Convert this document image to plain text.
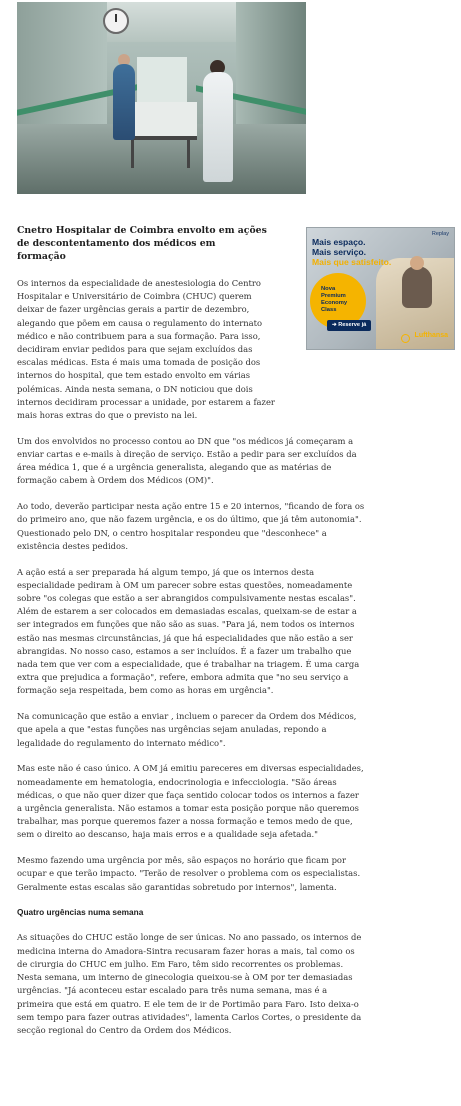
Replay
Mais espaço.
Mais serviço.
Mais que satisfeito.
Nova
Premium
Economy
Class
➔ Reserve já
Lufthansa
Cnetro Hospitalar de Coimbra envolto em ações de descontentamento dos médicos em formação

Os internos da especialidade de anestesiologia do Centro Hospitalar e Universitário de Coimbra (CHUC) querem deixar de fazer urgências gerais a partir de dezembro, alegando que põem em causa o regulamento do internato médico e não contribuem para a sua formação. Para isso, decidiram enviar pedidos para que sejam excluídos das escalas médicas. Esta é mais uma tomada de posição dos internos do hospital, que tem estado envolto em várias polémicas. Ainda nesta semana, o DN noticiou que dois internos decidiram processar a unidade, por estarem a fazer mais horas extras do que o previsto na lei.

Um dos envolvidos no processo contou ao DN que "os médicos já começaram a enviar cartas e e-mails à direção de serviço. Estão a pedir para ser excluídos da área médica 1, que é a urgência generalista, alegando que as matérias de formação cabem à Ordem dos Médicos (OM)".

Ao todo, deverão participar nesta ação entre 15 e 20 internos, "ficando de fora os do primeiro ano, que não fazem urgência, e os do último, que já têm autonomia". Questionado pelo DN, o centro hospitalar respondeu que "desconhece" a existência destes pedidos.

A ação está a ser preparada há algum tempo, já que os internos desta especialidade pediram à OM um parecer sobre estas questões, nomeadamente sobre "os colegas que estão a ser abrangidos compulsivamente nestas escalas". Além de estarem a ser colocados em demasiadas escalas, queixam-se de estar a ser integrados em funções que não são as suas. "Para já, nem todos os internos estão nas mesmas circunstâncias, já que há especialidades que não estão a ser abrangidas. No nosso caso, estamos a ser incluídos. É a fazer um trabalho que nada tem que ver com a especialidade, que é trabalhar na triagem. É uma carga extra que prejudica a formação", refere, embora admita que "no seu serviço a formação seja respeitada, bem como as horas em urgência".

Na comunicação que estão a enviar , incluem o parecer da Ordem dos Médicos, que apela a que "estas funções nas urgências sejam anuladas, repondo a legalidade do regulamento do internato médico".

Mas este não é caso único. A OM já emitiu pareceres em diversas especialidades, nomeadamente em hematologia, endocrinologia e infecciologia. "São áreas médicas, o que não quer dizer que faça sentido colocar todos os internos a fazer a urgência generalista. Não estamos a tomar esta posição porque não queremos trabalhar, mas porque queremos fazer a nossa formação e temos medo de que, sem o direito ao descanso, haja mais erros e a qualidade seja afetada."

Mesmo fazendo uma urgência por mês, são espaços no horário que ficam por ocupar e que terão impacto. "Terão de resolver o problema com os especialistas. Geralmente estas escalas são garantidas sobretudo por internos", lamenta.

Quatro urgências numa semana

As situações do CHUC estão longe de ser únicas. No ano passado, os internos de medicina interna do Amadora-Sintra recusaram fazer horas a mais, tal como os de cirurgia do CHUC em julho. Em Faro, têm sido recorrentes os problemas. Nesta semana, um interno de ginecologia queixou-se à OM por ter demasiadas urgências. "Já aconteceu estar escalado para três numa semana, mas é a primeira que está em quatro. E ele tem de ir de Portimão para Faro. Isto deixa-o sem tempo para fazer outras atividades", lamenta Carlos Cortes, o presidente da secção regional do Centro da Ordem dos Médicos.
